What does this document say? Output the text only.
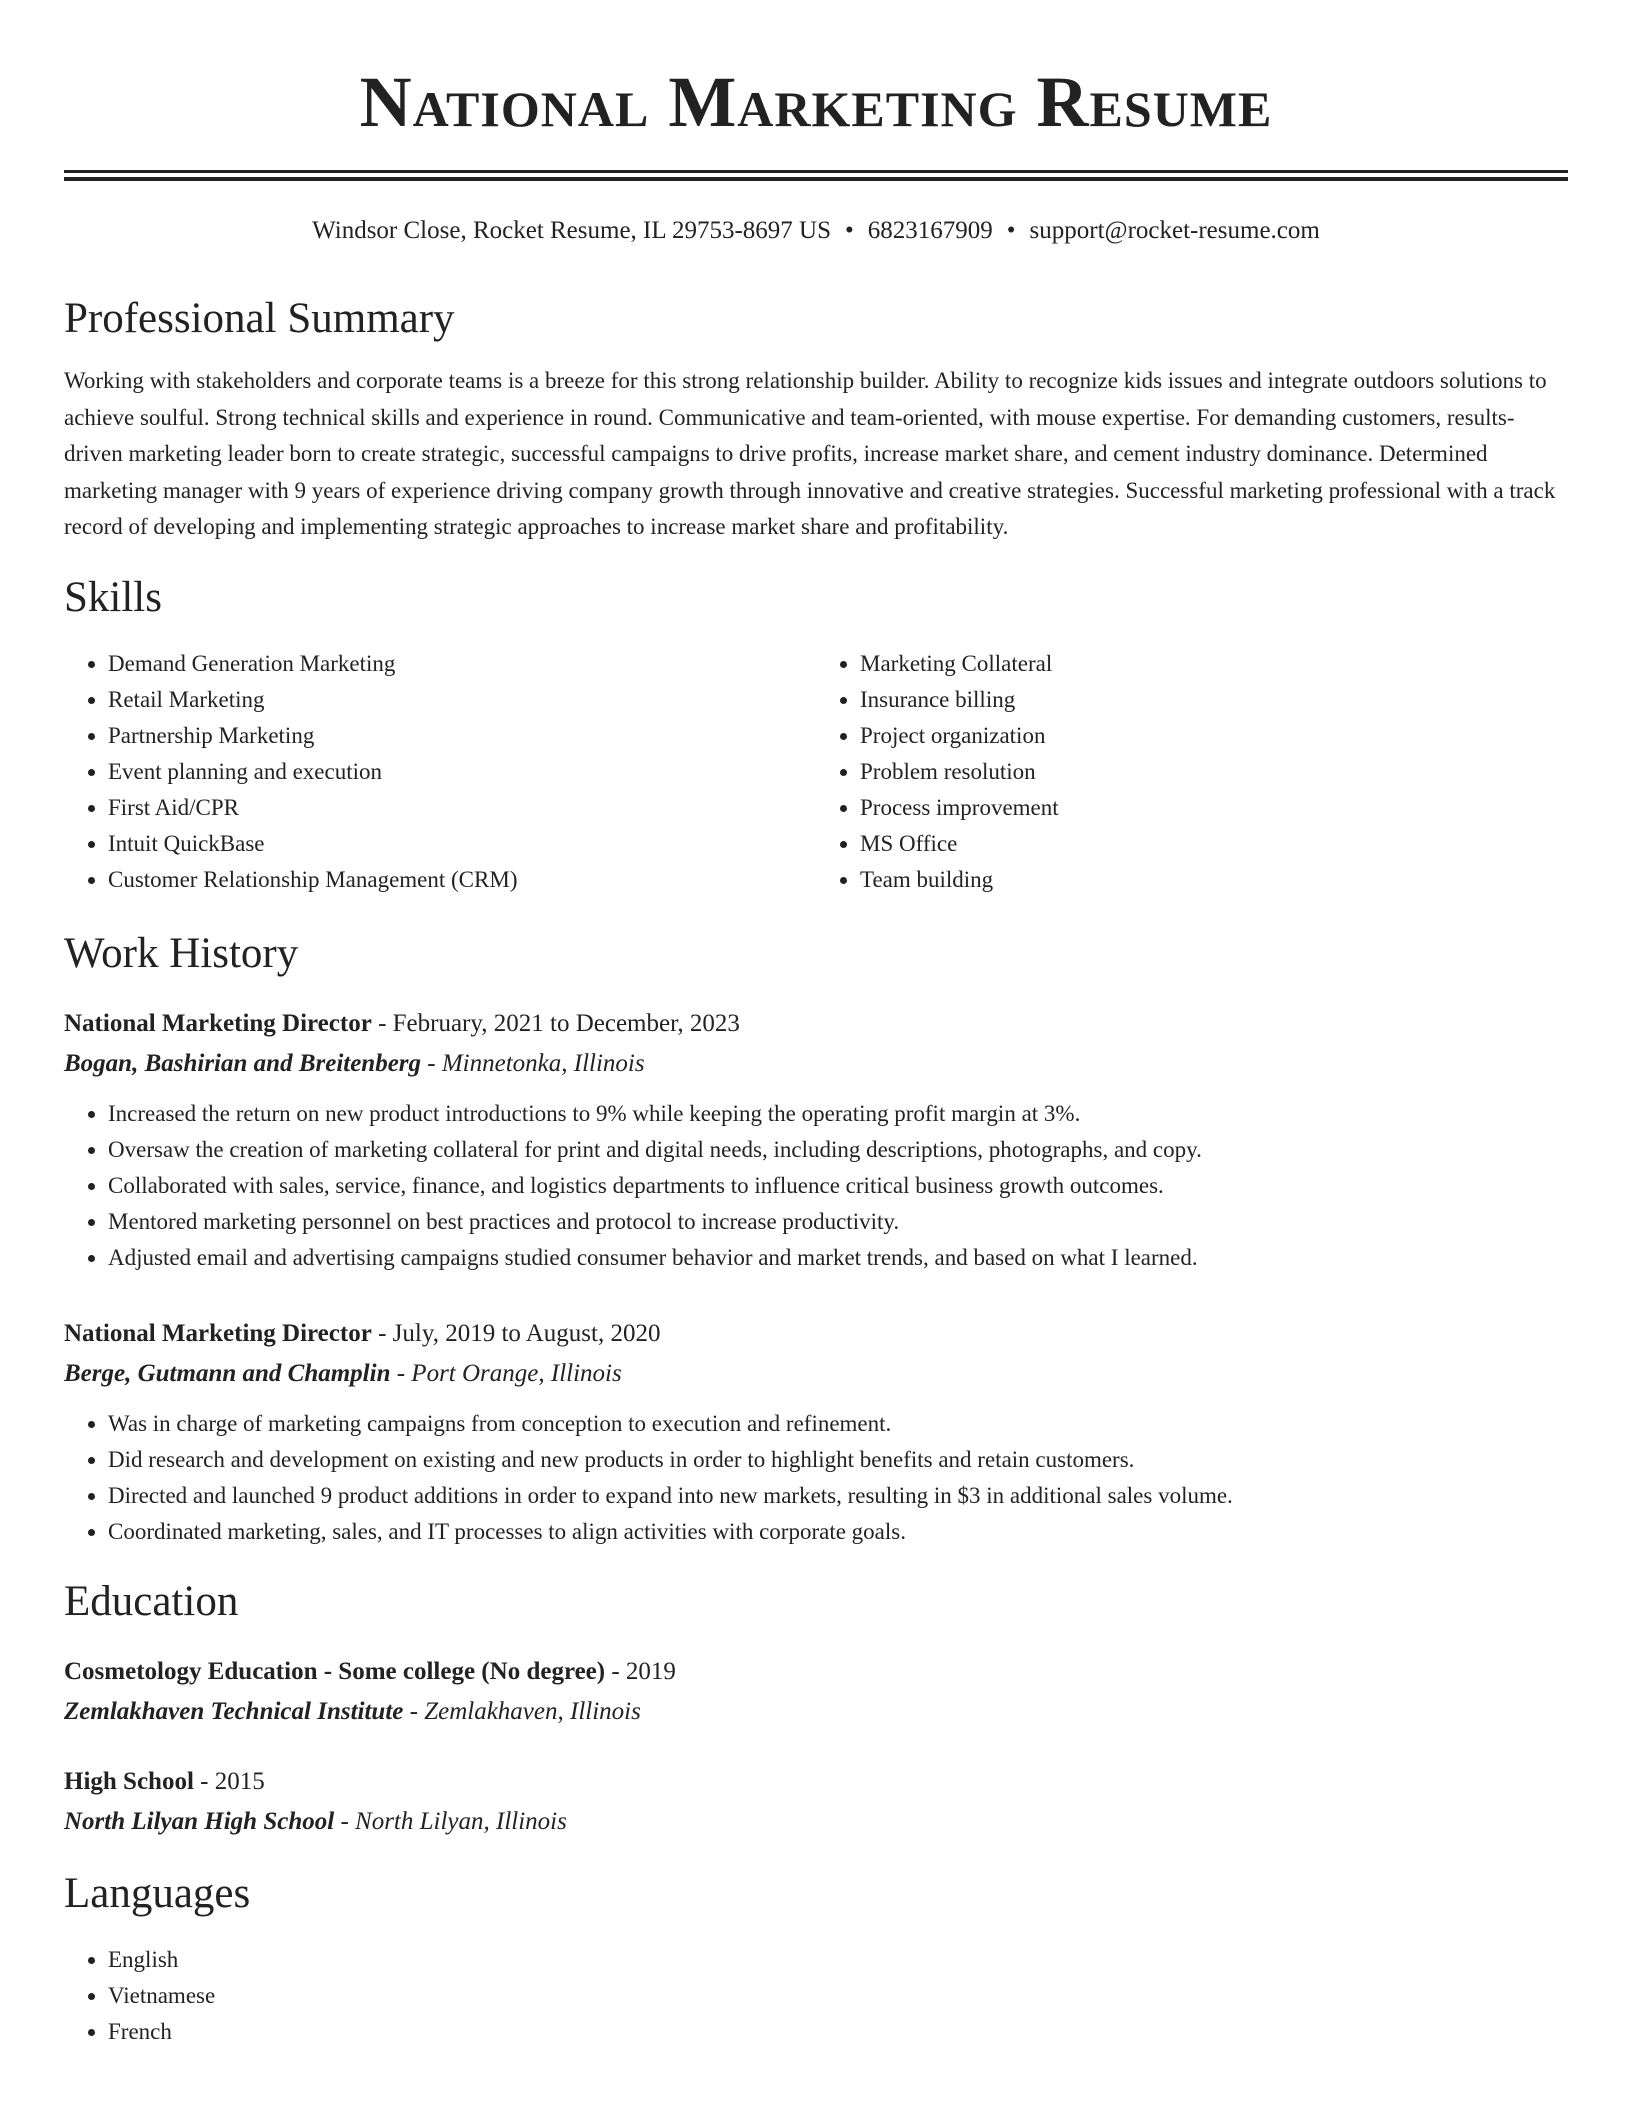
National Marketing Resume
Windsor Close, Rocket Resume, IL 29753-8697 US • 6823167909 • support@rocket-resume.com
Professional Summary
Working with stakeholders and corporate teams is a breeze for this strong relationship builder. Ability to recognize kids issues and integrate outdoors solutions to achieve soulful. Strong technical skills and experience in round. Communicative and team-oriented, with mouse expertise. For demanding customers, results-driven marketing leader born to create strategic, successful campaigns to drive profits, increase market share, and cement industry dominance. Determined marketing manager with 9 years of experience driving company growth through innovative and creative strategies. Successful marketing professional with a track record of developing and implementing strategic approaches to increase market share and profitability.
Skills
• Demand Generation Marketing
• Retail Marketing
• Partnership Marketing
• Event planning and execution
• First Aid/CPR
• Intuit QuickBase
• Customer Relationship Management (CRM)
• Marketing Collateral
• Insurance billing
• Project organization
• Problem resolution
• Process improvement
• MS Office
• Team building
Work History
National Marketing Director - February, 2021 to December, 2023
Bogan, Bashirian and Breitenberg - Minnetonka, Illinois
• Increased the return on new product introductions to 9% while keeping the operating profit margin at 3%.
• Oversaw the creation of marketing collateral for print and digital needs, including descriptions, photographs, and copy.
• Collaborated with sales, service, finance, and logistics departments to influence critical business growth outcomes.
• Mentored marketing personnel on best practices and protocol to increase productivity.
• Adjusted email and advertising campaigns studied consumer behavior and market trends, and based on what I learned.
National Marketing Director - July, 2019 to August, 2020
Berge, Gutmann and Champlin - Port Orange, Illinois
• Was in charge of marketing campaigns from conception to execution and refinement.
• Did research and development on existing and new products in order to highlight benefits and retain customers.
• Directed and launched 9 product additions in order to expand into new markets, resulting in $3 in additional sales volume.
• Coordinated marketing, sales, and IT processes to align activities with corporate goals.
Education
Cosmetology Education - Some college (No degree) - 2019
Zemlakhaven Technical Institute - Zemlakhaven, Illinois
High School - 2015
North Lilyan High School - North Lilyan, Illinois
Languages
• English
• Vietnamese
• French
